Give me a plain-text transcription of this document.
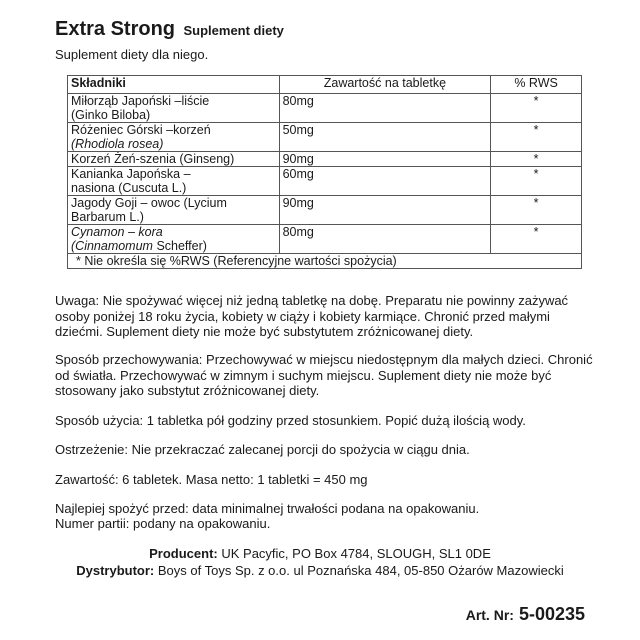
Extra Strong Suplement diety
Suplement diety dla niego.
Składniki	Zawartość na tabletkę	% RWS

Miłorząb Japoński –liście
(Ginko Biloba)	80mg	*

Różeniec Górski –korzeń
(Rhodiola rosea)	50mg	*

Korzeń Żeń-szenia (Ginseng)	90mg	*

Kanianka Japońska –
nasiona (Cuscuta L.)	60mg	*

Jagody Goji – owoc (Lycium
Barbarum L.)	90mg	*

Cynamon – kora
(Cinnamomum Scheffer)	80mg	*
* Nie określa się %RWS (Referencyjne wartości spożycia)		
Uwaga: Nie spożywać więcej niż jedną tabletkę na dobę. Preparatu nie powinny zażywać osoby poniżej 18 roku życia, kobiety w ciąży i kobiety karmiące. Chronić przed małymi dziećmi. Suplement diety nie może być substytutem zróżnicowanej diety.
Sposób przechowywania: Przechowywać w miejscu niedostępnym dla małych dzieci. Chronić od światła. Przechowywać w zimnym i suchym miejscu. Suplement diety nie może być stosowany jako substytut zróżnicowanej diety.
Sposób użycia: 1 tabletka pół godziny przed stosunkiem. Popić dużą ilością wody.
Ostrzeżenie: Nie przekraczać zalecanej porcji do spożycia w ciągu dnia.
Zawartość: 6 tabletek. Masa netto: 1 tabletki = 450 mg
Najlepiej spożyć przed: data minimalnej trwałości podana na opakowaniu.
Numer partii: podany na opakowaniu.
Producent: UK Pacyfic, PO Box 4784, SLOUGH, SL1 0DE
Dystrybutor: Boys of Toys Sp. z o.o. ul Poznańska 484, 05-850 Ożarów Mazowiecki
Art. Nr: 5-00235
